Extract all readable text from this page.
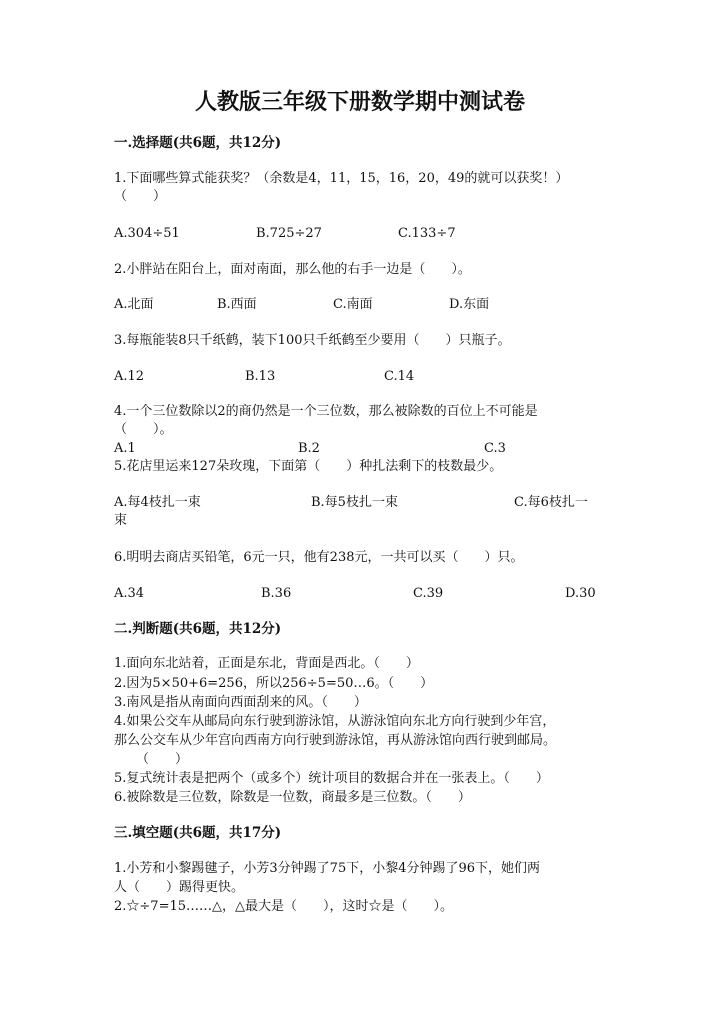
人教版三年级下册数学期中测试卷
一.选择题(共6题，共12分)
1.下面哪些算式能获奖？（余数是4，11，15，16，20，49的就可以获奖！）
（　　）
A.304÷51	B.725÷27	C.133÷7
2.小胖站在阳台上，面对南面，那么他的右手一边是（　　）。
A.北面	B.西面	C.南面	D.东面
3.每瓶能装8只千纸鹤，装下100只千纸鹤至少要用（　　）只瓶子。
A.12	B.13	C.14
4.一个三位数除以2的商仍然是一个三位数，那么被除数的百位上不可能是
（　　）。
A.1	B.2	C.3
5.花店里运来127朵玫瑰，下面第（　　）种扎法剩下的枝数最少。
A.每4枝扎一束	B.每5枝扎一束	C.每6枝扎一
束
6.明明去商店买铅笔，6元一只，他有238元，一共可以买（　　）只。
A.34	B.36	C.39	D.30
二.判断题(共6题，共12分)
1.面向东北站着，正面是东北，背面是西北。（　　）
2.因为5×50+6=256，所以256÷5=50…6。（　　）
3.南风是指从南面向西面刮来的风。（　　）
4.如果公交车从邮局向东行驶到游泳馆，从游泳馆向东北方向行驶到少年宫，
那么公交车从少年宫向西南方向行驶到游泳馆，再从游泳馆向西行驶到邮局。
（　　）
5.复式统计表是把两个（或多个）统计项目的数据合并在一张表上。（　　）
6.被除数是三位数，除数是一位数，商最多是三位数。（　　）
三.填空题(共6题，共17分)
1.小芳和小黎踢毽子，小芳3分钟踢了75下，小黎4分钟踢了96下，她们两
人（　　）踢得更快。
2.☆÷7=15……△，△最大是（　　），这时☆是（　　）。
